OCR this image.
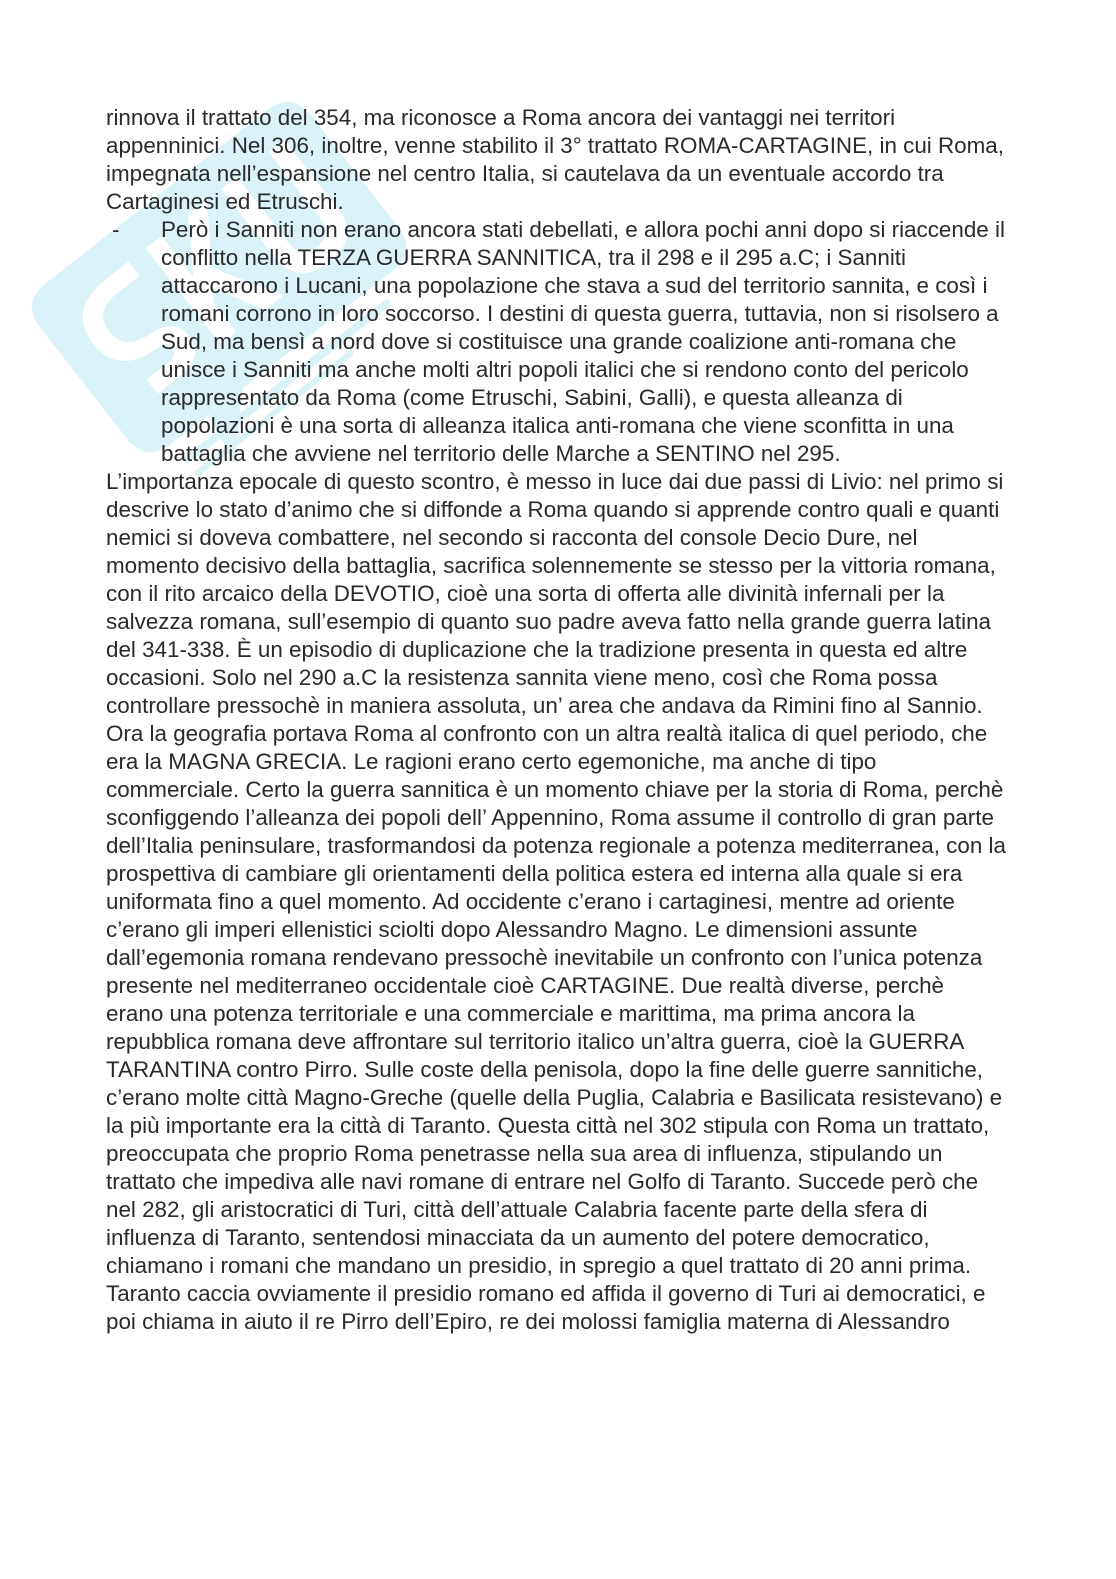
rinnova il trattato del 354, ma riconosce a Roma ancora dei vantaggi nei territori appenninici. Nel 306, inoltre, venne stabilito il 3° trattato ROMA-CARTAGINE, in cui Roma, impegnata nell’espansione nel centro Italia, si cautelava da un eventuale accordo tra Cartaginesi ed Etruschi.

- Però i Sanniti non erano ancora stati debellati, e allora pochi anni dopo si riaccende il conflitto nella TERZA GUERRA SANNITICA, tra il 298 e il 295 a.C; i Sanniti attaccarono i Lucani, una popolazione che stava a sud del territorio sannita, e così i romani corrono in loro soccorso. I destini di questa guerra, tuttavia, non si risolsero a Sud, ma bensì a nord dove si costituisce una grande coalizione anti-romana che unisce i Sanniti ma anche molti altri popoli italici che si rendono conto del pericolo rappresentato da Roma (come Etruschi, Sabini, Galli), e questa alleanza di popolazioni è una sorta di alleanza italica anti-romana che viene sconfitta in una battaglia che avviene nel territorio delle Marche a SENTINO nel 295.

L’importanza epocale di questo scontro, è messo in luce dai due passi di Livio: nel primo si descrive lo stato d’animo che si diffonde a Roma quando si apprende contro quali e quanti nemici si doveva combattere, nel secondo si racconta del console Decio Dure, nel momento decisivo della battaglia, sacrifica solennemente se stesso per la vittoria romana, con il rito arcaico della DEVOTIO, cioè una sorta di offerta alle divinità infernali per la salvezza romana, sull’esempio di quanto suo padre aveva fatto nella grande guerra latina del 341-338. È un episodio di duplicazione che la tradizione presenta in questa ed altre occasioni. Solo nel 290 a.C la resistenza sannita viene meno, così che Roma possa controllare pressochè in maniera assoluta, un’ area che andava da Rimini fino al Sannio.

Ora la geografia portava Roma al confronto con un altra realtà italica di quel periodo, che era la MAGNA GRECIA. Le ragioni erano certo egemoniche, ma anche di tipo commerciale. Certo la guerra sannitica è un momento chiave per la storia di Roma, perchè sconfiggendo l’alleanza dei popoli dell’ Appennino, Roma assume il controllo di gran parte dell’Italia peninsulare, trasformandosi da potenza regionale a potenza mediterranea, con la prospettiva di cambiare gli orientamenti della politica estera ed interna alla quale si era uniformata fino a quel momento. Ad occidente c’erano i cartaginesi, mentre ad oriente c’erano gli imperi ellenistici sciolti dopo Alessandro Magno. Le dimensioni assunte dall’egemonia romana rendevano pressochè inevitabile un confronto con l’unica potenza presente nel mediterraneo occidentale cioè CARTAGINE. Due realtà diverse, perchè erano una potenza territoriale e una commerciale e marittima, ma prima ancora la repubblica romana deve affrontare sul territorio italico un’altra guerra, cioè la GUERRA TARANTINA contro Pirro. Sulle coste della penisola, dopo la fine delle guerre sannitiche, c’erano molte città Magno-Greche (quelle della Puglia, Calabria e Basilicata resistevano) e la più importante era la città di Taranto. Questa città nel 302 stipula con Roma un trattato, preoccupata che proprio Roma penetrasse nella sua area di influenza, stipulando un trattato che impediva alle navi romane di entrare nel Golfo di Taranto. Succede però che nel 282, gli aristocratici di Turi, città dell’attuale Calabria facente parte della sfera di influenza di Taranto, sentendosi minacciata da un aumento del potere democratico, chiamano i romani che mandano un presidio, in spregio a quel trattato di 20 anni prima. Taranto caccia ovviamente il presidio romano ed affida il governo di Turi ai democratici, e poi chiama in aiuto il re Pirro dell’Epiro, re dei molossi famiglia materna di Alessandro
